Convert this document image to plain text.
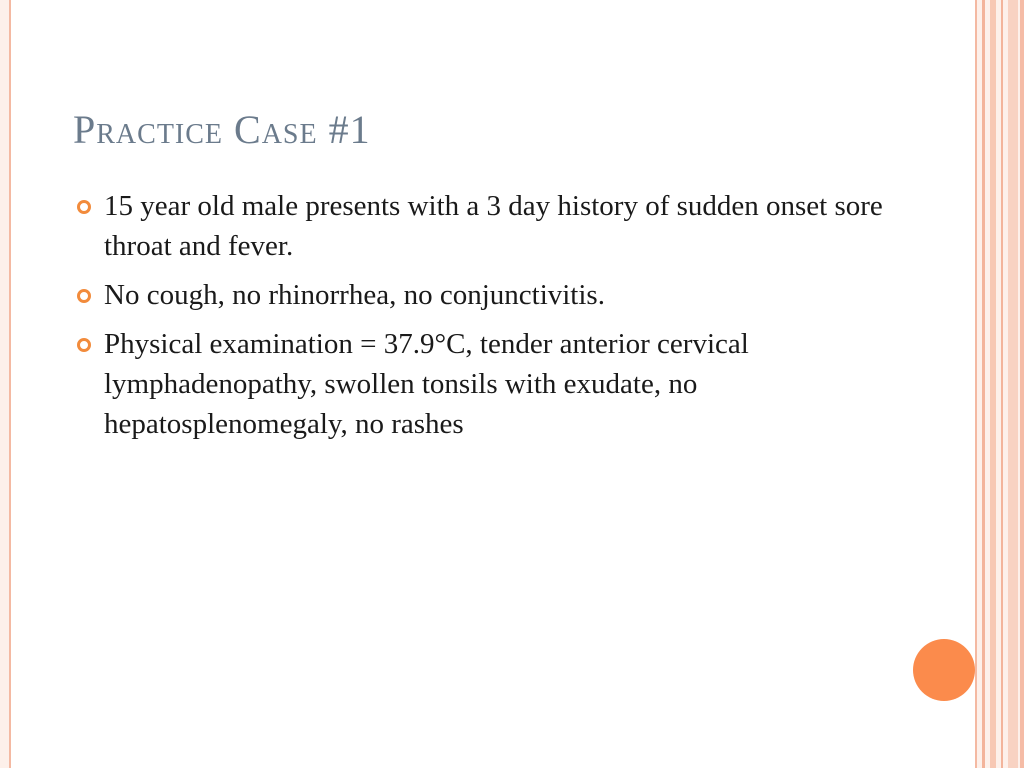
Practice Case #1
15 year old male presents with a 3 day history of sudden onset sore throat and fever.
No cough, no rhinorrhea, no conjunctivitis.
Physical examination = 37.9°C, tender anterior cervical lymphadenopathy, swollen tonsils with exudate, no hepatosplenomegaly, no rashes
